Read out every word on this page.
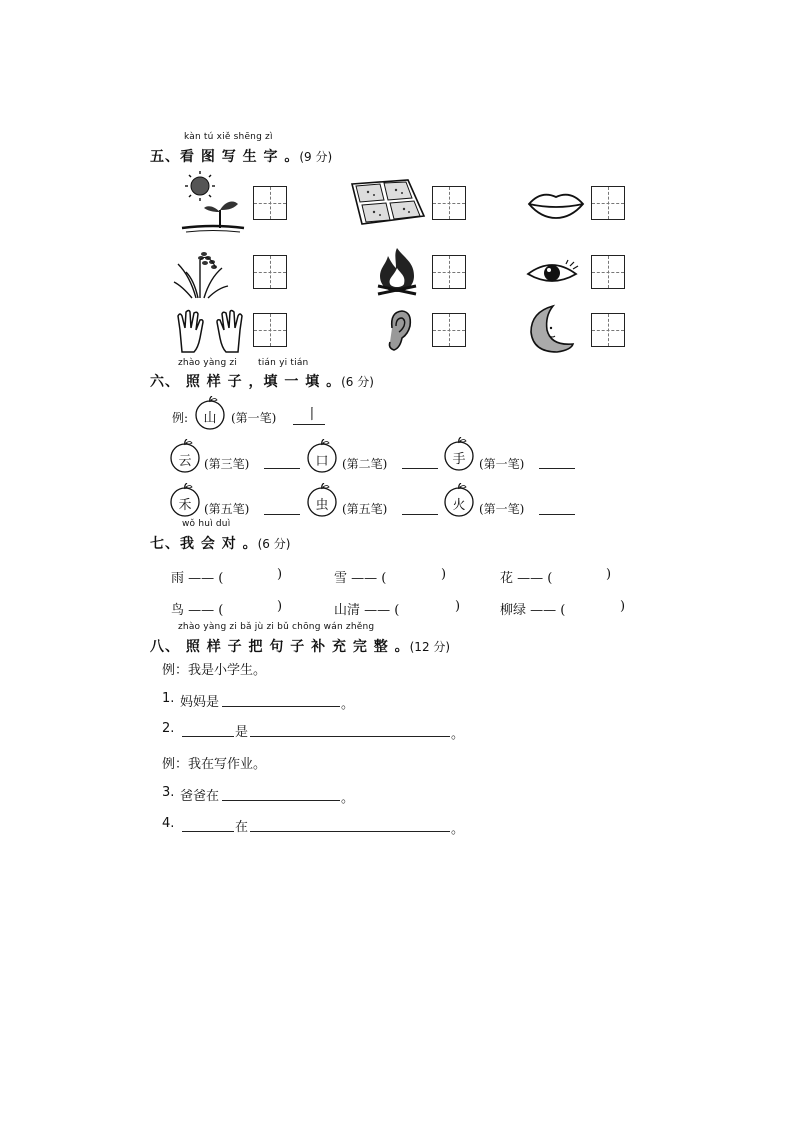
kàn tú xiě shēng zì
五、看 图 写 生 字 。(9 分)
zhào yàng zi tián yi tián
六、 照 样 子 ，填 一 填 。(6 分)
例:	山	(第一笔) 丨
云	(第三笔)	口	(第二笔)	手	(第一笔)
禾	(第五笔)	虫	(第五笔)	火	(第一笔)
wǒ huì duì
七、我 会 对 。(6 分)
雨 —— (	)	雪 —— (	)	花 —— (	)
鸟 —— (	)	山清 —— (	)	柳绿 —— (	)
zhào yàng zi bǎ jù zi bǔ chōng wán zhěng
八、 照 样 子 把 句 子 补 充 完 整 。(12 分)
例：我是小学生。
1. 妈妈是	。
2.	是	。
例：我在写作业。
3. 爸爸在	。
4.	在	。
